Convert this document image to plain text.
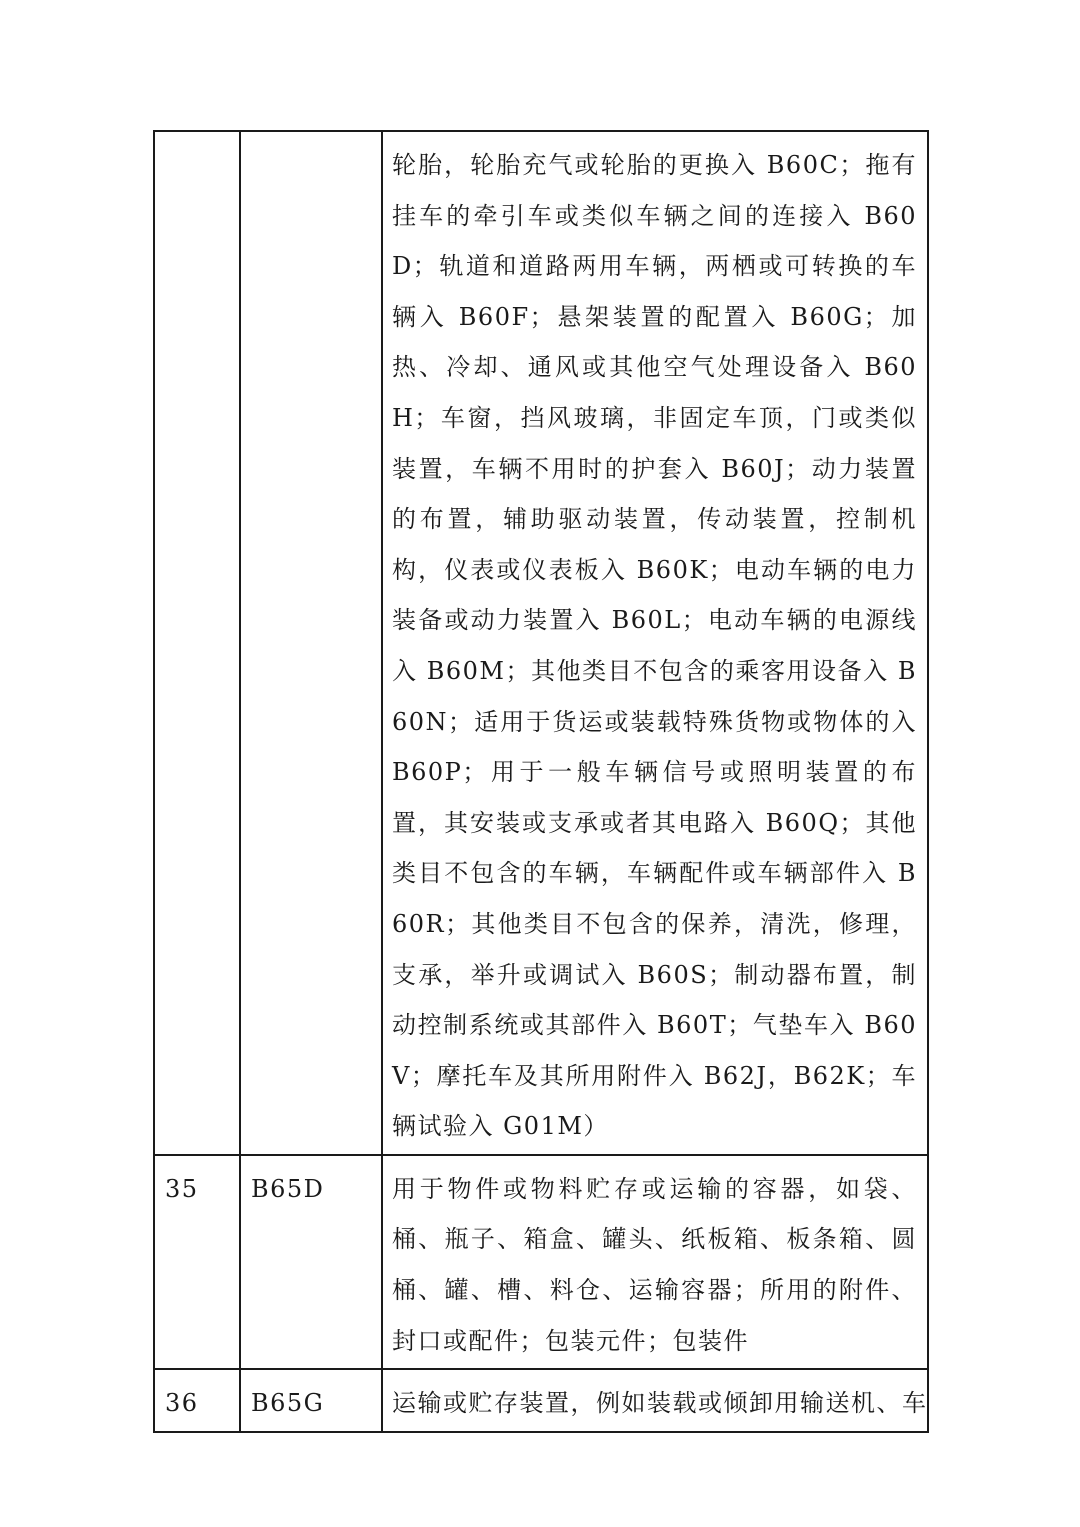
		轮胎，轮胎充气或轮胎的更换入 B60C；拖有挂车的牵引车或类似车辆之间的连接入 B60D；轨道和道路两用车辆，两栖或可转换的车辆入 B60F；悬架装置的配置入 B60G；加热、冷却、通风或其他空气处理设备入 B60H；车窗，挡风玻璃，非固定车顶，门或类似装置，车辆不用时的护套入 B60J；动力装置的布置，辅助驱动装置，传动装置，控制机构，仪表或仪表板入 B60K；电动车辆的电力装备或动力装置入 B60L；电动车辆的电源线入 B60M；其他类目不包含的乘客用设备入 B60N；适用于货运或装载特殊货物或物体的入 B60P；用于一般车辆信号或照明装置的布置，其安装或支承或者其电路入 B60Q；其他类目不包含的车辆，车辆配件或车辆部件入 B60R；其他类目不包含的保养，清洗，修理，支承，举升或调试入 B60S；制动器布置，制动控制系统或其部件入 B60T；气垫车入 B60V；摩托车及其所用附件入 B62J，B62K；车辆试验入 G01M）

35	B65D	用于物件或物料贮存或运输的容器，如袋、桶、瓶子、箱盒、罐头、纸板箱、板条箱、圆桶、罐、槽、料仓、运输容器；所用的附件、封口或配件；包装元件；包装件

36	B65G	运输或贮存装置，例如装载或倾卸用输送机、车
